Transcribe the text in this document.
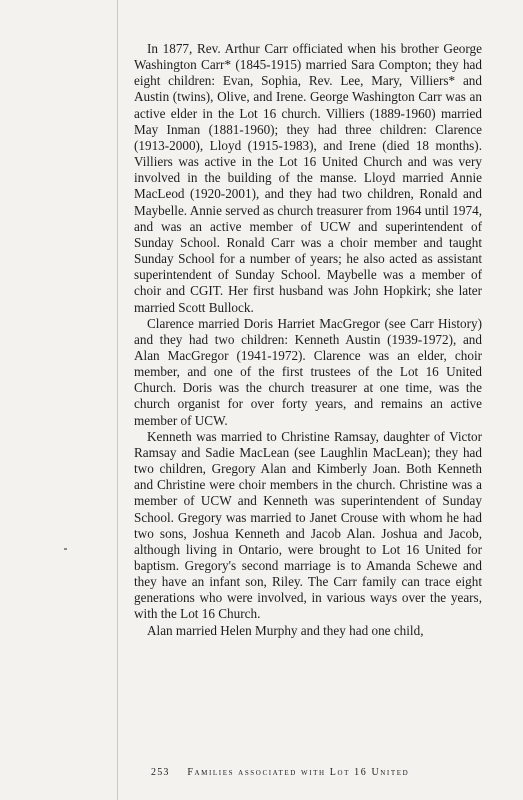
In 1877, Rev. Arthur Carr officiated when his brother George Washington Carr* (1845-1915) married Sara Compton; they had eight children: Evan, Sophia, Rev. Lee, Mary, Villiers* and Austin (twins), Olive, and Irene. George Washington Carr was an active elder in the Lot 16 church. Villiers (1889-1960) married May Inman (1881-1960); they had three children: Clarence (1913-2000), Lloyd (1915-1983), and Irene (died 18 months). Villiers was active in the Lot 16 United Church and was very involved in the building of the manse. Lloyd married Annie MacLeod (1920-2001), and they had two children, Ronald and Maybelle. Annie served as church treasurer from 1964 until 1974, and was an active member of UCW and superintendent of Sunday School. Ronald Carr was a choir member and taught Sunday School for a number of years; he also acted as assistant superintendent of Sunday School. Maybelle was a member of choir and CGIT. Her first husband was John Hopkirk; she later married Scott Bullock.

Clarence married Doris Harriet MacGregor (see Carr History) and they had two children: Kenneth Austin (1939-1972), and Alan MacGregor (1941-1972). Clarence was an elder, choir member, and one of the first trustees of the Lot 16 United Church. Doris was the church treasurer at one time, was the church organist for over forty years, and remains an active member of UCW.

Kenneth was married to Christine Ramsay, daughter of Victor Ramsay and Sadie MacLean (see Laughlin MacLean); they had two children, Gregory Alan and Kimberly Joan. Both Kenneth and Christine were choir members in the church. Christine was a member of UCW and Kenneth was superintendent of Sunday School. Gregory was married to Janet Crouse with whom he had two sons, Joshua Kenneth and Jacob Alan. Joshua and Jacob, although living in Ontario, were brought to Lot 16 United for baptism. Gregory's second marriage is to Amanda Schewe and they have an infant son, Riley. The Carr family can trace eight generations who were involved, in various ways over the years, with the Lot 16 Church.

Alan married Helen Murphy and they had one child,

253 Families associated with Lot 16 United
